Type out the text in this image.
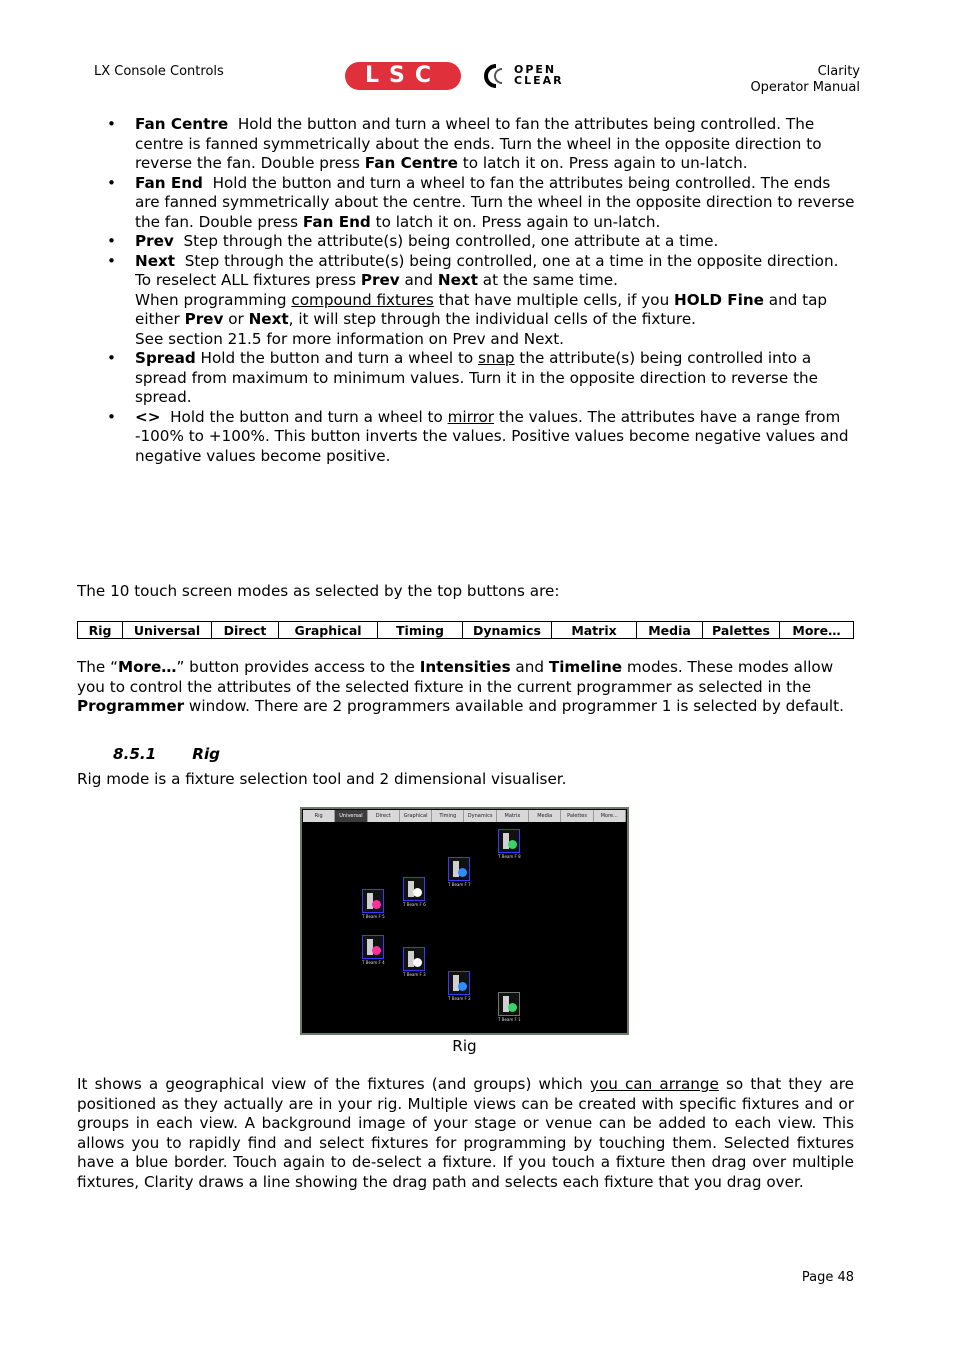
LX Console Controls	LSC	OPEN
CLEAR
Clarity
Operator Manual
• Fan Centre Hold the button and turn a wheel to fan the attributes being controlled. The centre is fanned symmetrically about the ends. Turn the wheel in the opposite direction to reverse the fan. Double press Fan Centre to latch it on. Press again to un-latch.
• Fan End Hold the button and turn a wheel to fan the attributes being controlled. The ends are fanned symmetrically about the centre. Turn the wheel in the opposite direction to reverse the fan. Double press Fan End to latch it on. Press again to un-latch.
• Prev Step through the attribute(s) being controlled, one attribute at a time.
• Next Step through the attribute(s) being controlled, one at a time in the opposite direction.
To reselect ALL fixtures press Prev and Next at the same time.
When programming compound fixtures that have multiple cells, if you HOLD Fine and tap either Prev or Next, it will step through the individual cells of the fixture.
See section 21.5 for more information on Prev and Next.
• Spread Hold the button and turn a wheel to snap the attribute(s) being controlled into a spread from maximum to minimum values. Turn it in the opposite direction to reverse the spread.
• <> Hold the button and turn a wheel to mirror the values. The attributes have a range from -100% to +100%. This button inverts the values. Positive values become negative values and negative values become positive.
The 10 touch screen modes as selected by the top buttons are:
Rig	Universal	Direct	Graphical	Timing	Dynamics	Matrix	Media	Palettes	More…
The “More…” button provides access to the Intensities and Timeline modes. These modes allow you to control the attributes of the selected fixture in the current programmer as selected in the Programmer window. There are 2 programmers available and programmer 1 is selected by default.
8.5.1 Rig
Rig mode is a fixture selection tool and 2 dimensional visualiser.
Rig	Universal	Direct	Graphical	Timing	Dynamics	Matrix	Media	Palettes	More...
T Beam F 8
T Beam F 7
T Beam F 6
T Beam F 5
T Beam F 4
T Beam F 3
T Beam F 2
T Beam F 1
Rig
It shows a geographical view of the fixtures (and groups) which you can arrange so that they are positioned as they actually are in your rig. Multiple views can be created with specific fixtures and or groups in each view. A background image of your stage or venue can be added to each view. This allows you to rapidly find and select fixtures for programming by touching them. Selected fixtures have a blue border. Touch again to de-select a fixture. If you touch a fixture then drag over multiple fixtures, Clarity draws a line showing the drag path and selects each fixture that you drag over.
Page 48
